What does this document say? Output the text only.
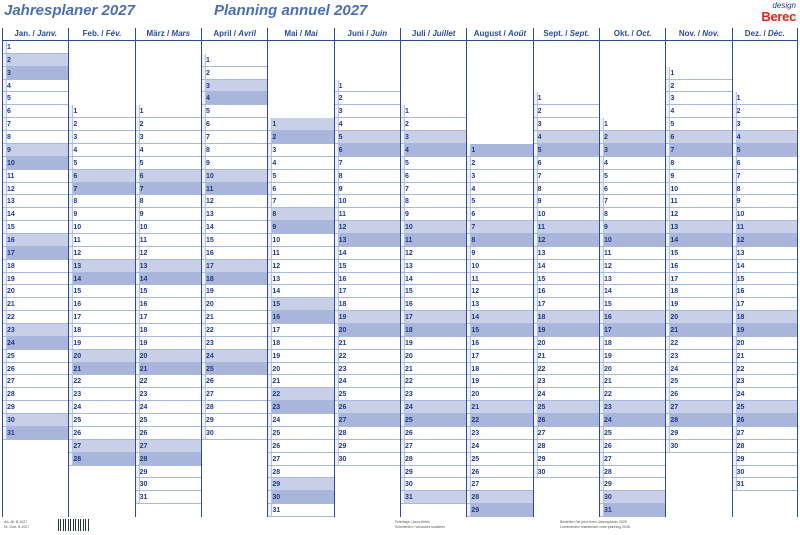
Jahresplaner 2027	Planning annuel 2027	design
Berec
Jan. / Janv.
1
2
3
4
5
6
7
8
9
10
11
12
13
14
15
16
17
18
19
20
21
22
23
24
25
26
27
28
29
30
31
Feb. / Fév.
1
2
3
4
5
6
7
8
9
10
11
12
13
14
15
16
17
18
19
20
21
22
23
24
25
26
27
28
März / Mars
1
2
3
4
5
6
7
8
9
10
11
12
13
14
15
16
17
18
19
20
21
22
23
24
25
26
27
28
29
30
31
April / Avril
1
2
3
4
5
6
7
8
9
10
11
12
13
14
15
16
17
18
19
20
21
22
23
24
25
26
27
28
29
30
Mai / Mai
1
2
3
4
5
6
7
8
9
10
11
12
13
14
15
16
17
18
19
20
21
22
23
24
25
26
27
28
29
30
31
Juni / Juin
1
2
3
4
5
6
7
8
9
10
11
12
13
14
15
16
17
18
19
20
21
22
23
24
25
26
27
28
29
30
Juli / Juillet
1
2
3
4
5
6
7
8
9
10
11
12
13
14
15
16
17
18
19
20
21
22
23
24
25
26
27
28
29
30
31
August / Août
1
2
3
4
5
6
7
8
9
10
11
12
13
14
15
16
17
18
19
20
21
22
23
24
25
26
27
28
29
Sept. / Sept.
1
2
3
4
5
6
7
8
9
10
11
12
13
14
15
16
17
18
19
20
21
22
23
24
25
26
27
28
29
30
Okt. / Oct.
1
2
3
4
5
6
7
8
9
10
11
12
13
14
15
16
17
18
19
20
21
22
23
24
25
26
27
28
29
30
31
Nov. / Nov.
1
2
3
4
5
6
7
8
9
10
11
12
13
14
15
16
17
18
19
20
21
22
23
24
25
26
27
28
29
30
Dez. / Déc.
1
2
3
4
5
6
7
8
9
10
11
12
13
14
15
16
17
18
19
20
21
22
23
24
25
26
27
28
29
30
31
Art.-Nr. B 1027
Nr. d'art. B 1027
Feiertage / jours fériés
Schulferien / vacances scolaires
Bestellen Sie jetzt Ihren Jahresplaner 2028
Commandez maintenant votre planning 2028
